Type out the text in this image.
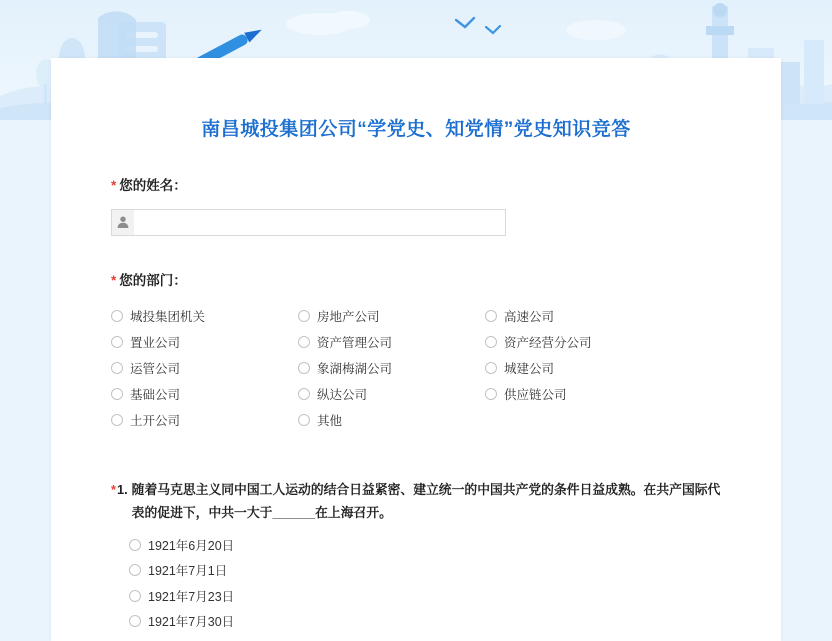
南昌城投集团公司“学党史、知党情”党史知识竞答
* 您的姓名：
* 您的部门：
城投集团机关	房地产公司	高速公司
置业公司	资产管理公司	资产经营分公司
运管公司	象湖梅湖公司	城建公司
基础公司	纵达公司	供应链公司
土开公司	其他
* 1. 随着马克思主义同中国工人运动的结合日益紧密、建立统一的中国共产党的条件日益成熟。在共产国际代表的促进下，中共一大于______在上海召开。
1921年6月20日
1921年7月1日
1921年7月23日
1921年7月30日
